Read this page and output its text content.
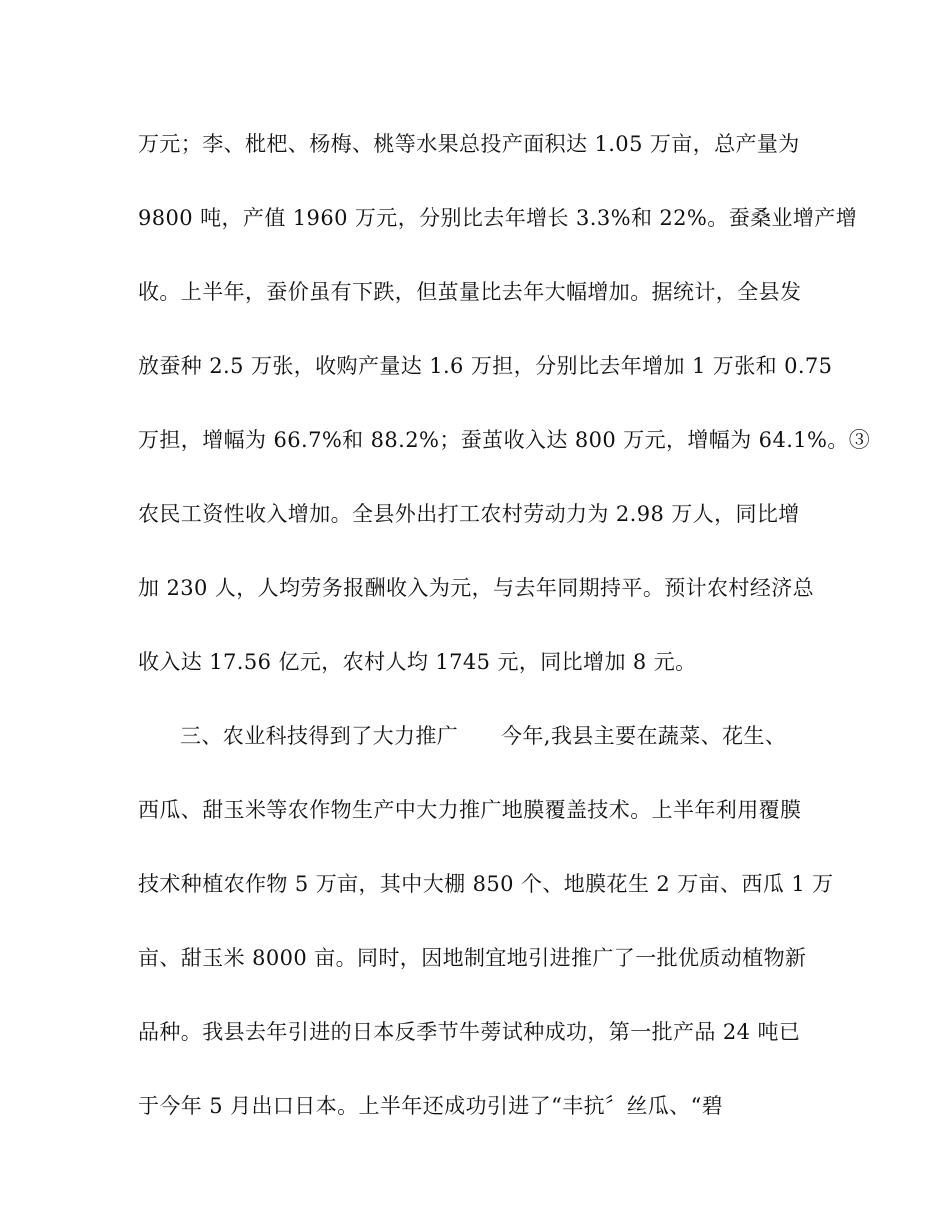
万元；李、枇杷、杨梅、桃等水果总投产面积达 1.05 万亩，总产量为
9800 吨，产值 1960 万元，分别比去年增长 3.3%和 22%。蚕桑业增产增
收。上半年，蚕价虽有下跌，但茧量比去年大幅增加。据统计，全县发
放蚕种 2.5 万张，收购产量达 1.6 万担，分别比去年增加 1 万张和 0.75
万担，增幅为 66.7%和 88.2%；蚕茧收入达 800 万元，增幅为 64.1%。③
农民工资性收入增加。全县外出打工农村劳动力为 2.98 万人，同比增
加 230 人，人均劳务报酬收入为元，与去年同期持平。预计农村经济总
收入达 17.56 亿元，农村人均 1745 元，同比增加 8 元。
三、农业科技得到了大力推广　　今年,我县主要在蔬菜、花生、
西瓜、甜玉米等农作物生产中大力推广地膜覆盖技术。上半年利用覆膜
技术种植农作物 5 万亩，其中大棚 850 个、地膜花生 2 万亩、西瓜 1 万
亩、甜玉米 8000 亩。同时，因地制宜地引进推广了一批优质动植物新
品种。我县去年引进的日本反季节牛蒡试种成功，第一批产品 24 吨已
于今年 5 月出口日本。上半年还成功引进了“丰抗〞丝瓜、“碧
